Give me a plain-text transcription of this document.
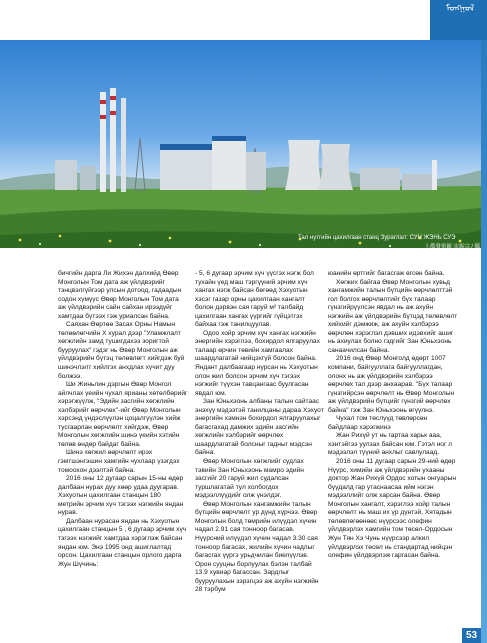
ᠮᠣᠩᠭᠣᠯ
Тал нутгийн цахилгаан станц Зураглал: СУН ЖЭНЬ СУЭ
上都發電廠 宋振宗 / 攝

бичгийн дарга Ли Жихэн далхийд Өвөр Монголын Том дата аж үйлдвэрийг тэнцвэлгүйгээр улсын дотоод, гадаадын содон хүмүүс Өвөр Монголын Том дата аж үйлдвэрийн сайн сайхан ирээдүйг хамтдаа бүтээх гэж уриалсан байна.

Саяхан Өөртөө Засах Орны Намын төлөөлөгчийн Х хурал дээр "Уламжлалт хөгжлийн замд тушигдахээ зоригтой бууруулах" гэдэг нь Өвөр Монголын аж үйлдвэрийн бүтэц төлөвлөгт хийгдэж буй шинэчлэлт хийлгэх анхдлах хүчит дуу болжээ.

Ши Жиньлин дэргын Өвөр Монгол айлчлах үеийн чухал ярианы хөтөлбөрийг хэрэгжүүлж, "Эдийн засгийн хөгжлийн хэлбэрийг өөрчлөх"-ийг Өвөр Монголын хэрсэнд үндэслүүлэн цоцалгүүлэн хийж тусгаарлан өөрчлөлт хийгдэж, Өвөр Монголын хөгжлийн шинэ үеийн хэтийн төлөв өндөр байдаг байна.

Шинэ хөгжил өөрчлөлт ирэх гэмтшэнгэшин хамгийн чухлаар үзэгдэх томоохон дээлтэй байна.

2016 оны 12 дугаар сарын 15-ны өдөр далбаан нурах дуу хөөр удаа дуугарав. Хэхуотын цахилгаан станцын 180 метрийн эрчим хүч тэгээх нэгжийн яндан нурав.

Далбаан нурасан яндан нь Хэхуотын цахилгаан станцын 5 , 6 дугаар эрчим хүч тэгээх нэгжийг хамтдаа хэрэглэж байсан яндан юм. Энэ 1995 онд ашиглалтад орсон. Цахилгаан станцын орлого дарга Жун Шүчинь:

- 5, 6 дугаар эрчим хүч үүсгэх нэгж бол тухайн үед маш тэргүүний эрчим хүч хангах нэгж байсан бөгөөд Хэхуотын хэсэг газар орны цахилгаан хангалт болон дэрвэн сая гаруй м² талбайд цахилгаан хангах үүргийг гүйцэтгэх байхаа гэж танилцуулав.

Одоо хойр эрчим хүч хангах нэгжийн энергийн хэрэглээ, бохирдол ялгаруулах талаар өрчин төвийн хамгаалах шаардлагатай нийцэхгүй болсон байна. Яндант далбаагаар нурсан нь Хэхуотын олон жил болсон эрчим хүч тэгээх нэгжийг түүхэн тавцангаас буулгасан явдал юм.

Зан Юньхэонь албаны талын сайтаас энэхүү мэдээтэй танилцаны дараа Хэхуот энергийн хэмнэн бохирдол ялгаруулахыг багасгахад дамжих эдийн засгийн хөгжлийн хэлбэрийг өөрчлөх шаардлагатай болсныг гадныг мэдсэн байна.

Өвөр Монголын хөгжлийг судлах тэвийн Зан Юньхэонь мамро эдийн засгийг 20 гаруй жил судалсан туршлагатай тул холбогдох мэдээллүүдийг олж үнэлдэг.

Өвөр Монголын хангамжийн талын бүтцийн өөрчлөлт ур дүнд хүрчээ. Өвөр Монголын болд төмрийн илүүдэл хүчин чадал 2.91 сая тонноор багасав. Нүүрсний илүүдэл хүчин чадал 3.30 сая тонноор багасах, жилийн хүчин чадлыг багасгах үүргэ урьдчилан биелүүлэв. Орон сууцны борлуулах бэлэн талбай 13.9 хувиар багассан. Зардлыг бууруулахын зэрэгцээ аж ахуйн нэгжийн 28 тэрбум

юанийн өртгийг багасгаж өгсөн байна.

Хөгжих байгаа Өвөр Монголын хувьд хангамжийн талын бүтцийн өөрчлөлттэй гол болгох өөрчлөлтийг бүх талаар гүнзгийрүүлсэн явдал нь аж ахуйн нэгжийн аж үйлдвэрийн бүтцэд төлөвлөлт хийхийг дэмжиж, аж ахуйн хэлбэрээ өөрчлөн хэрэглэл дэвших идэвхийг ашиг нь ахиулах болно гэдгийг Зан Юньхэонь санаачилсан байна.

2016 онд Өвөр Монголд өдөрт 1007 компани, байгууллага байгууллагдан, олонх нь аж үйлдвэрийн хэлбэрээ өөрчлөх тал дээр анхаарав. "Бүх талаар гүнзгийрсэн өөрчлөлт нь Өвөр Монголын аж үйлдвэрийн бүтцийг гүнзгий өөрчлөх байна" гэж Зан Юньхэонь өгүүлнэ.

Чухал том төслүүд төвлөрсөн байдлаар хэрэгжинэ

Жан Рихүй ут нь гартаа харьк ааа, хэнтэйгээ уулзах байсан юм. Гэтэл ног л мэдээлэл түүний анхлыг савлулаад.

2016 оны 11 дугаар сарын 29-ний өдөр Нүүрс, химийн аж үйлдвэрийн ухааны доктор Жан Рихүй Ордос хотын онгуарын бүүдалд гар утаснаасаа ийм нэгэн мэдээллийг олж харсан байна. Өвөр Монголын хангалт, хэрэглээ хойр талын өөрчлөлт нь маш их үр дүнтэй, Хятадын төлөвлөгөөнөөс нүүрсээс олефин үйлдвэрлэх хамгийн том төсөл-Ордосын Жун Тян Хэ Чунь нүүрсээр алкил үйлдвэрлэх төсөл нь стандартад нийцэн олефин үйлдвэрлэж гаргасан байна.

53
